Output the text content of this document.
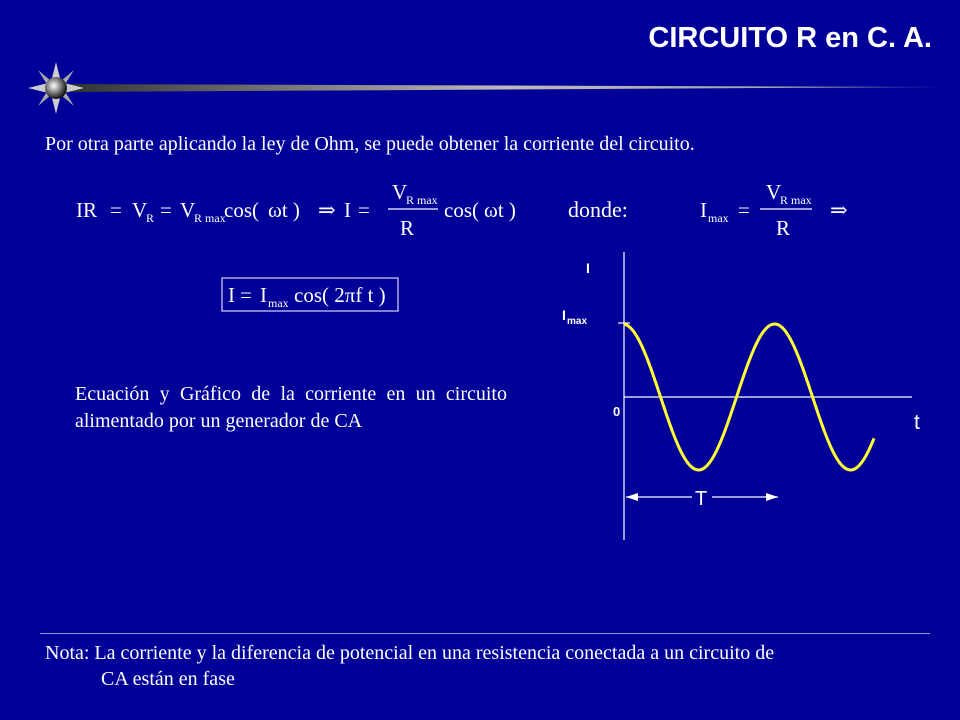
CIRCUITO R en C. A.
Por otra parte aplicando la ley de Ohm, se puede obtener la corriente del circuito.
IR = V
R = V
R max
cos( ωt ) ⇒ I =
V
R max
R
cos( ωt ) donde:	I max =
V
R max
R
⇒
I = I max cos( 2πf t )
Ecuación y Gráfico de la corriente en un circuito alimentado por un generador de CA
I
I max
0	t
T
Nota: La corriente y la diferencia de potencial en una resistencia conectada a un circuito de
CA están en fase
